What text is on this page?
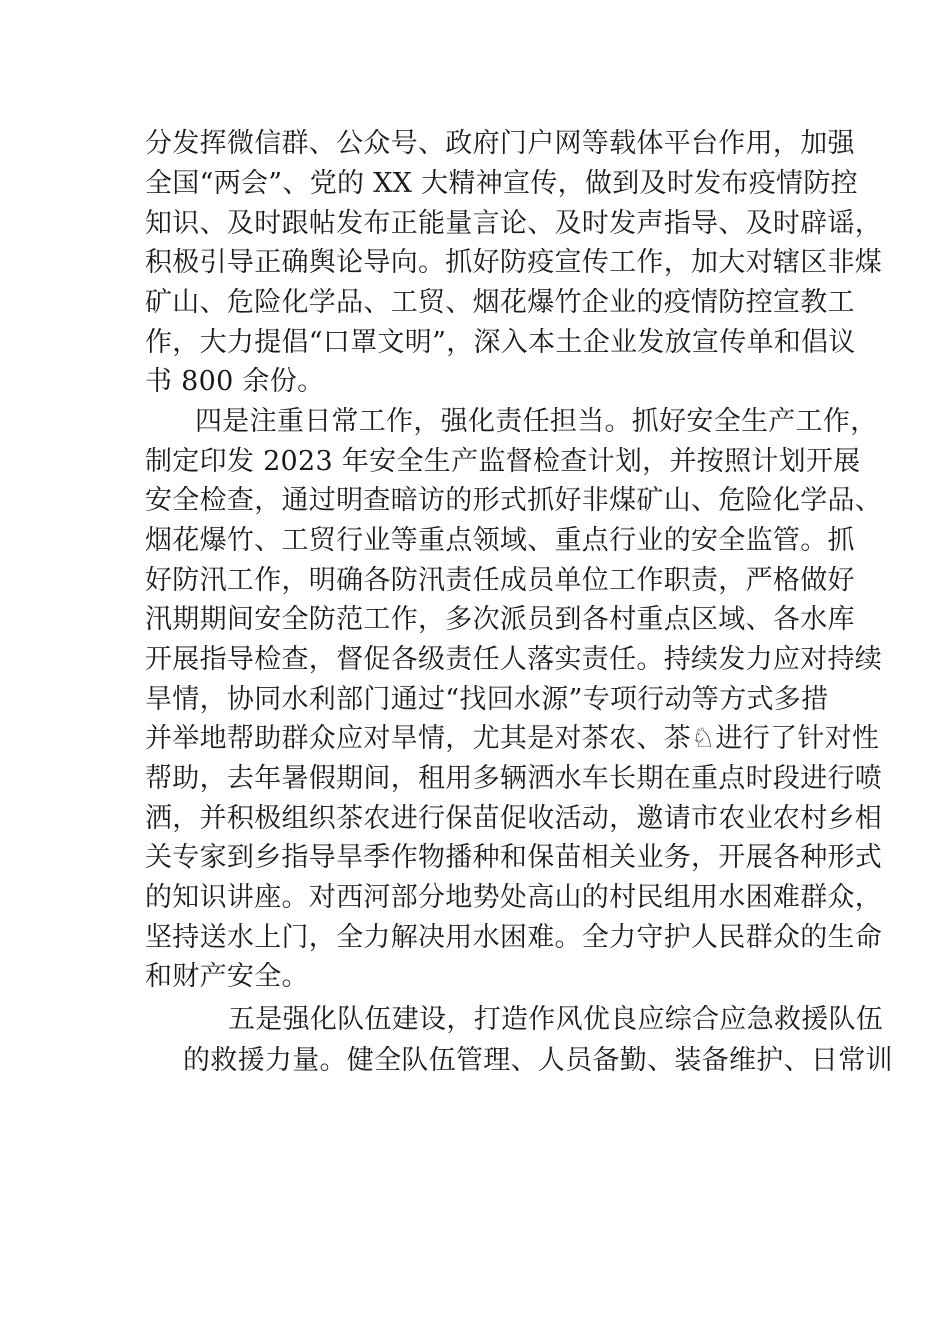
分发挥微信群、公众号、政府门户网等载体平台作用，加强
全国“两会”、党的 XX 大精神宣传，做到及时发布疫情防控
知识、及时跟帖发布正能量言论、及时发声指导、及时辟谣，
积极引导正确舆论导向。抓好防疫宣传工作，加大对辖区非煤
矿山、危险化学品、工贸、烟花爆竹企业的疫情防控宣教工
作，大力提倡“口罩文明”，深入本土企业发放宣传单和倡议
书 800 余份。
四是注重日常工作，强化责任担当。抓好安全生产工作，
制定印发 2023 年安全生产监督检查计划，并按照计划开展
安全检查，通过明查暗访的形式抓好非煤矿山、危险化学品、
烟花爆竹、工贸行业等重点领域、重点行业的安全监管。抓
好防汛工作，明确各防汛责任成员单位工作职责，严格做好
汛期期间安全防范工作，多次派员到各村重点区域、各水库
开展指导检查，督促各级责任人落实责任。持续发力应对持续
旱情，协同水利部门通过“找回水源”专项行动等方式多措
并举地帮助群众应对旱情，尤其是对茶农、茶♘进行了针对性
帮助，去年暑假期间，租用多辆洒水车长期在重点时段进行喷
洒，并积极组织茶农进行保苗促收活动，邀请市农业农村乡相
关专家到乡指导旱季作物播种和保苗相关业务，开展各种形式
的知识讲座。对西河部分地势处高山的村民组用水困难群众，
坚持送水上门，全力解决用水困难。全力守护人民群众的生命
和财产安全。
五是强化队伍建设，打造作风优良应综合应急救援队伍
的救援力量。健全队伍管理、人员备勤、装备维护、日常训
